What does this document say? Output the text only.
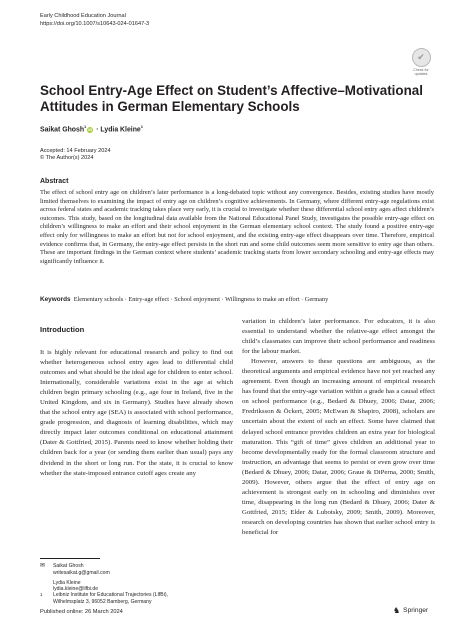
Early Childhood Education Journal
https://doi.org/10.1007/s10643-024-01647-3
✔
Check for
updates
School Entry-Age Effect on Student’s Affective–Motivational Attitudes in German Elementary Schools
Saikat Ghosh$^1$iD · Lydia Kleine$^1$
Accepted: 14 February 2024
© The Author(s) 2024
Abstract
The effect of school entry age on children’s later performance is a long-debated topic without any convergence. Besides, existing studies have mostly limited themselves to examining the impact of entry age on children’s cognitive achievements. In Germany, where different entry-age regulations exist across federal states and academic tracking takes place very early, it is crucial to investigate whether these differential school entry ages affect children’s outcomes. This study, based on the longitudinal data available from the National Educational Panel Study, investigates the possible entry-age effect on children’s willingness to make an effort and their school enjoyment in the German elementary school context. The study found a positive entry-age effect only for willingness to make an effort but not for school enjoyment, and the existing entry-age effect disappears over time. Therefore, empirical evidence confirms that, in Germany, the entry-age effect persists in the short run and some child outcomes seem more sensitive to entry age than others. These are important findings in the German context where students’ academic tracking starts from lower secondary schooling and entry-age effects may significantly influence it.
Keywords Elementary schools · Entry-age effect · School enjoyment · Willingness to make an effort · Germany
Introduction

It is highly relevant for educational research and policy to find out whether heterogeneous school entry ages lead to differential child outcomes and what should be the ideal age for children to enter school. Internationally, considerable variations exist in the age at which children begin primary schooling (e.g., age four in Ireland, five in the United Kingdom, and six in Germany). Studies have already shown that the school entry age (SEA) is associated with school performance, grade progression, and diagnosis of learning disabilities, which may directly impact later outcomes conditional on educational attainment (Dater & Gottfried, 2015). Parents need to know whether holding their children back for a year (or sending them earlier than usual) pays any dividend in the short or long run. For the state, it is crucial to know whether the state-imposed entrance cutoff ages create any

variation in children’s later performance. For educators, it is also essential to understand whether the relative-age effect amongst the child’s classmates can improve their school performance and readiness for the labour market.

However, answers to these questions are ambiguous, as the theoretical arguments and empirical evidence have not yet reached any agreement. Even though an increasing amount of empirical research has found that the entry-age variation within a grade has a causal effect on school performance (e.g., Bedard & Dhuey, 2006; Datar, 2006; Fredriksson & Öckert, 2005; McEwan & Shapiro, 2008), scholars are uncertain about the extent of such an effect. Some have claimed that delayed school entrance provides children an extra year for biological maturation. This “gift of time” gives children an additional year to become developmentally ready for the formal classroom structure and instruction, an advantage that seems to persist or even grow over time (Bedard & Dhuey, 2006; Datar, 2006; Graue & DiPerna, 2000; Smith, 2009). However, others argue that the effect of entry age on achievement is strongest early on in schooling and diminishes over time, disappearing in the long run (Bedard & Dhuey, 2006; Dater & Gottfried, 2015; Elder & Lubotsky, 2009; Smith, 2009). Moreover, research on developing countries has shown that earlier school entry is beneficial for

✉ Saikat Ghosh
writesaikat.g@gmail.com
Lydia Kleine
lydia.kleine@lifbi.de
1 Leibniz Institute for Educational Trajectories (LIfBi),
Wilhelmsplatz 3, 96052 Bamberg, Germany
Published online: 26 March 2024	♞ Springer
